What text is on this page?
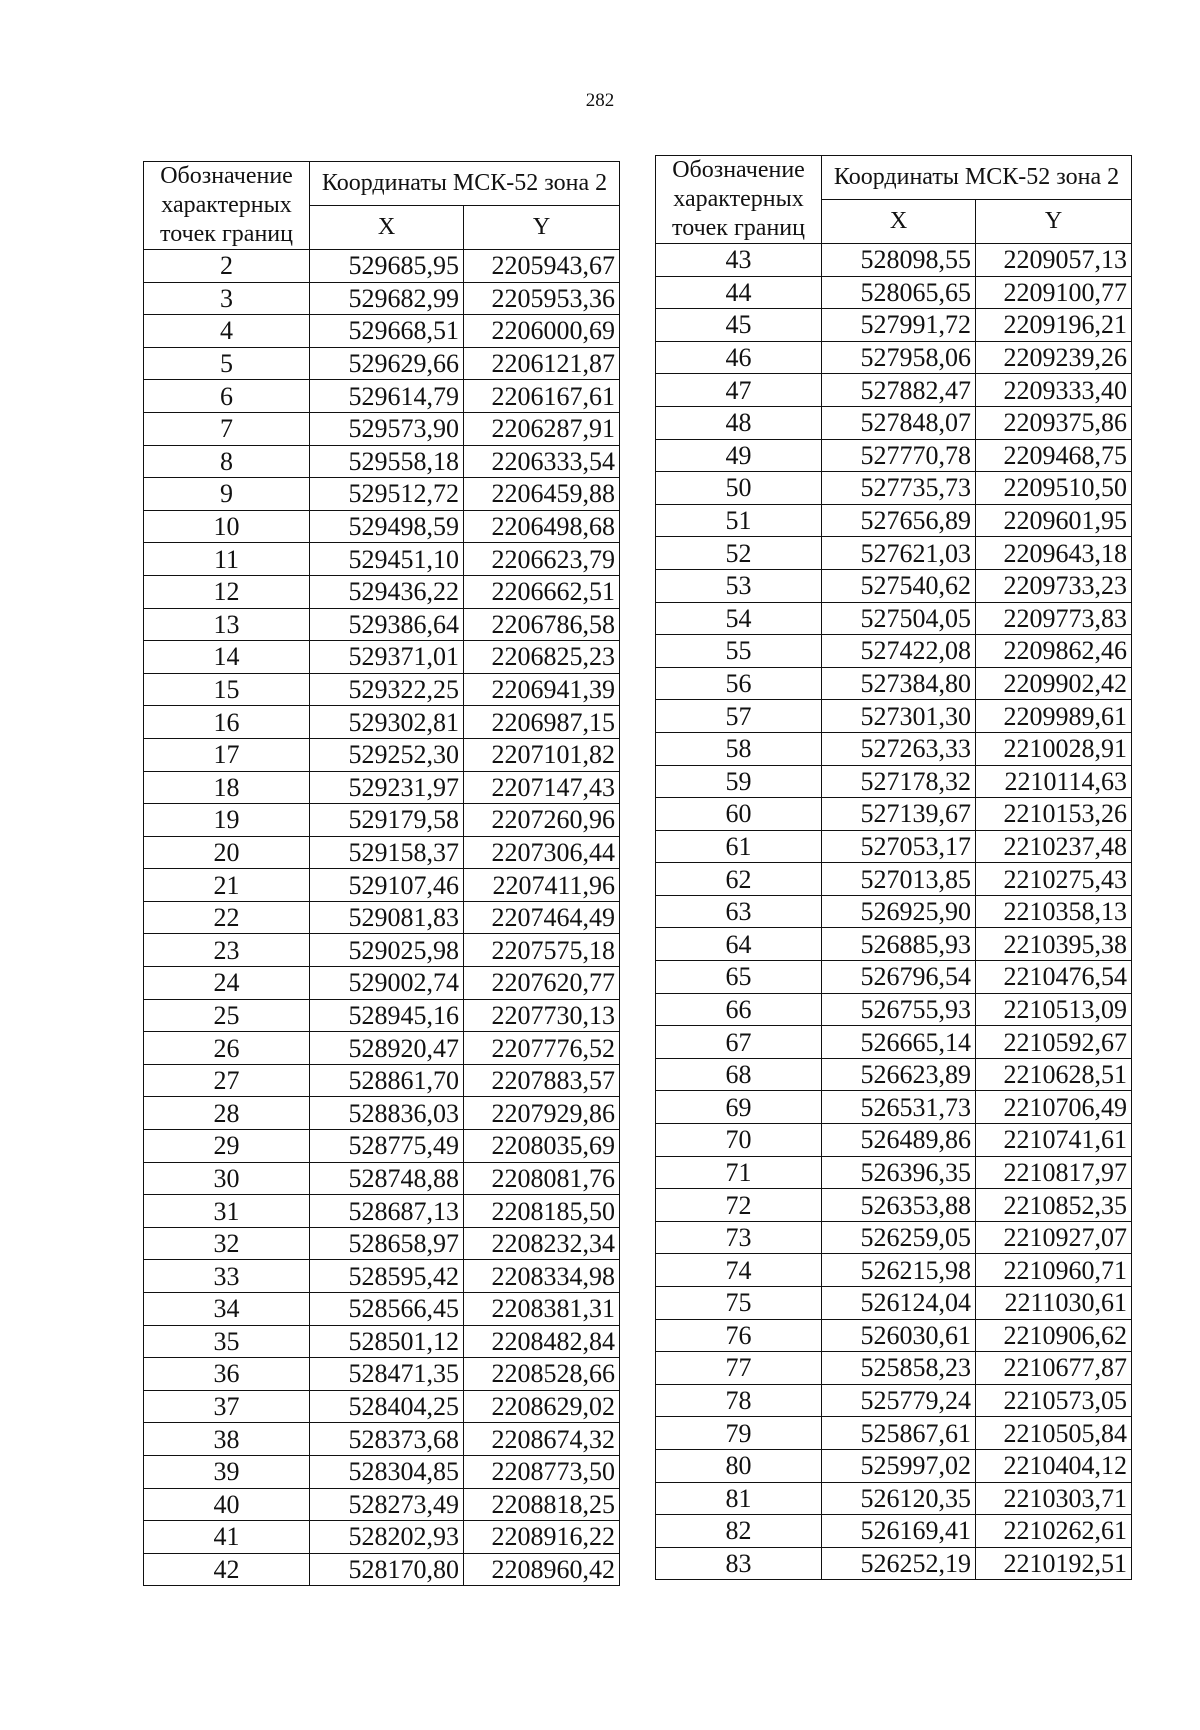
282
Обозначение характерных точек границ	Координаты МСК-52 зона 2	
	X	Y
2	529685,95	2205943,67
3	529682,99	2205953,36
4	529668,51	2206000,69
5	529629,66	2206121,87
6	529614,79	2206167,61
7	529573,90	2206287,91
8	529558,18	2206333,54
9	529512,72	2206459,88
10	529498,59	2206498,68
11	529451,10	2206623,79
12	529436,22	2206662,51
13	529386,64	2206786,58
14	529371,01	2206825,23
15	529322,25	2206941,39
16	529302,81	2206987,15
17	529252,30	2207101,82
18	529231,97	2207147,43
19	529179,58	2207260,96
20	529158,37	2207306,44
21	529107,46	2207411,96
22	529081,83	2207464,49
23	529025,98	2207575,18
24	529002,74	2207620,77
25	528945,16	2207730,13
26	528920,47	2207776,52
27	528861,70	2207883,57
28	528836,03	2207929,86
29	528775,49	2208035,69
30	528748,88	2208081,76
31	528687,13	2208185,50
32	528658,97	2208232,34
33	528595,42	2208334,98
34	528566,45	2208381,31
35	528501,12	2208482,84
36	528471,35	2208528,66
37	528404,25	2208629,02
38	528373,68	2208674,32
39	528304,85	2208773,50
40	528273,49	2208818,25
41	528202,93	2208916,22
42	528170,80	2208960,42
Обозначение характерных точек границ	Координаты МСК-52 зона 2	
	X	Y
43	528098,55	2209057,13
44	528065,65	2209100,77
45	527991,72	2209196,21
46	527958,06	2209239,26
47	527882,47	2209333,40
48	527848,07	2209375,86
49	527770,78	2209468,75
50	527735,73	2209510,50
51	527656,89	2209601,95
52	527621,03	2209643,18
53	527540,62	2209733,23
54	527504,05	2209773,83
55	527422,08	2209862,46
56	527384,80	2209902,42
57	527301,30	2209989,61
58	527263,33	2210028,91
59	527178,32	2210114,63
60	527139,67	2210153,26
61	527053,17	2210237,48
62	527013,85	2210275,43
63	526925,90	2210358,13
64	526885,93	2210395,38
65	526796,54	2210476,54
66	526755,93	2210513,09
67	526665,14	2210592,67
68	526623,89	2210628,51
69	526531,73	2210706,49
70	526489,86	2210741,61
71	526396,35	2210817,97
72	526353,88	2210852,35
73	526259,05	2210927,07
74	526215,98	2210960,71
75	526124,04	2211030,61
76	526030,61	2210906,62
77	525858,23	2210677,87
78	525779,24	2210573,05
79	525867,61	2210505,84
80	525997,02	2210404,12
81	526120,35	2210303,71
82	526169,41	2210262,61
83	526252,19	2210192,51
